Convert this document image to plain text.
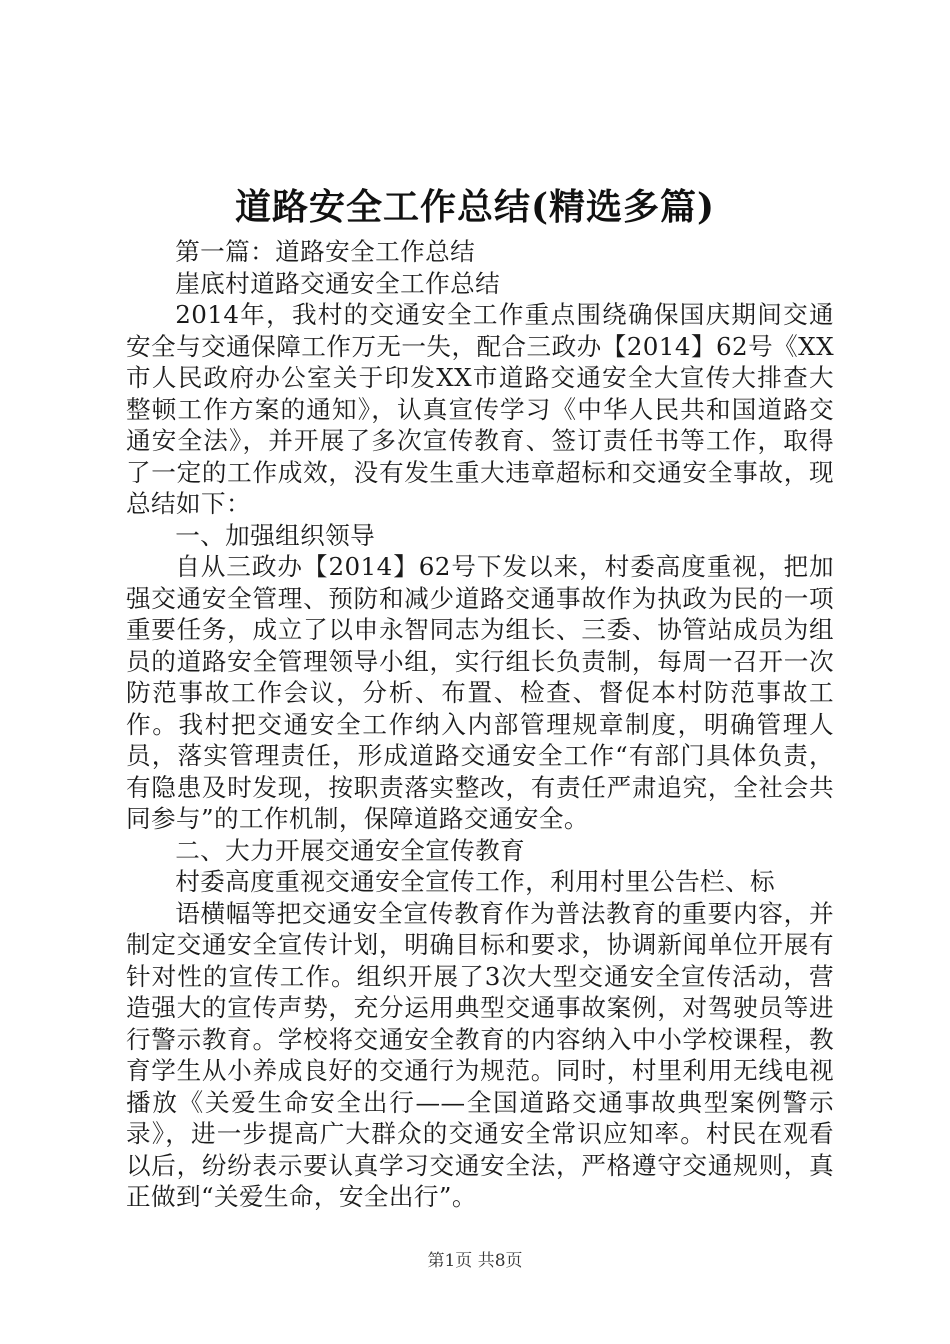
道路安全工作总结(精选多篇)

第一篇：道路安全工作总结

崖底村道路交通安全工作总结

2014年，我村的交通安全工作重点围绕确保国庆期间交通安全与交通保障工作万无一失，配合三政办【2014】62号《XX市人民政府办公室关于印发XX市道路交通安全大宣传大排查大整顿工作方案的通知》，认真宣传学习《中华人民共和国道路交通安全法》，并开展了多次宣传教育、签订责任书等工作，取得了一定的工作成效，没有发生重大违章超标和交通安全事故，现总结如下：

一、加强组织领导

自从三政办【2014】62号下发以来，村委高度重视，把加强交通安全管理、预防和减少道路交通事故作为执政为民的一项重要任务，成立了以申永智同志为组长、三委、协管站成员为组员的道路安全管理领导小组，实行组长负责制，每周一召开一次防范事故工作会议，分析、布置、检查、督促本村防范事故工作。我村把交通安全工作纳入内部管理规章制度，明确管理人员，落实管理责任，形成道路交通安全工作“有部门具体负责，有隐患及时发现，按职责落实整改，有责任严肃追究，全社会共同参与”的工作机制，保障道路交通安全。

二、大力开展交通安全宣传教育

村委高度重视交通安全宣传工作，利用村里公告栏、标

语横幅等把交通安全宣传教育作为普法教育的重要内容，并制定交通安全宣传计划，明确目标和要求，协调新闻单位开展有针对性的宣传工作。组织开展了3次大型交通安全宣传活动，营造强大的宣传声势，充分运用典型交通事故案例，对驾驶员等进行警示教育。学校将交通安全教育的内容纳入中小学校课程，教育学生从小养成良好的交通行为规范。同时，村里利用无线电视播放《关爱生命安全出行——全国道路交通事故典型案例警示录》，进一步提高广大群众的交通安全常识应知率。村民在观看以后，纷纷表示要认真学习交通安全法，严格遵守交通规则，真正做到“关爱生命，安全出行”。

第1页 共8页
